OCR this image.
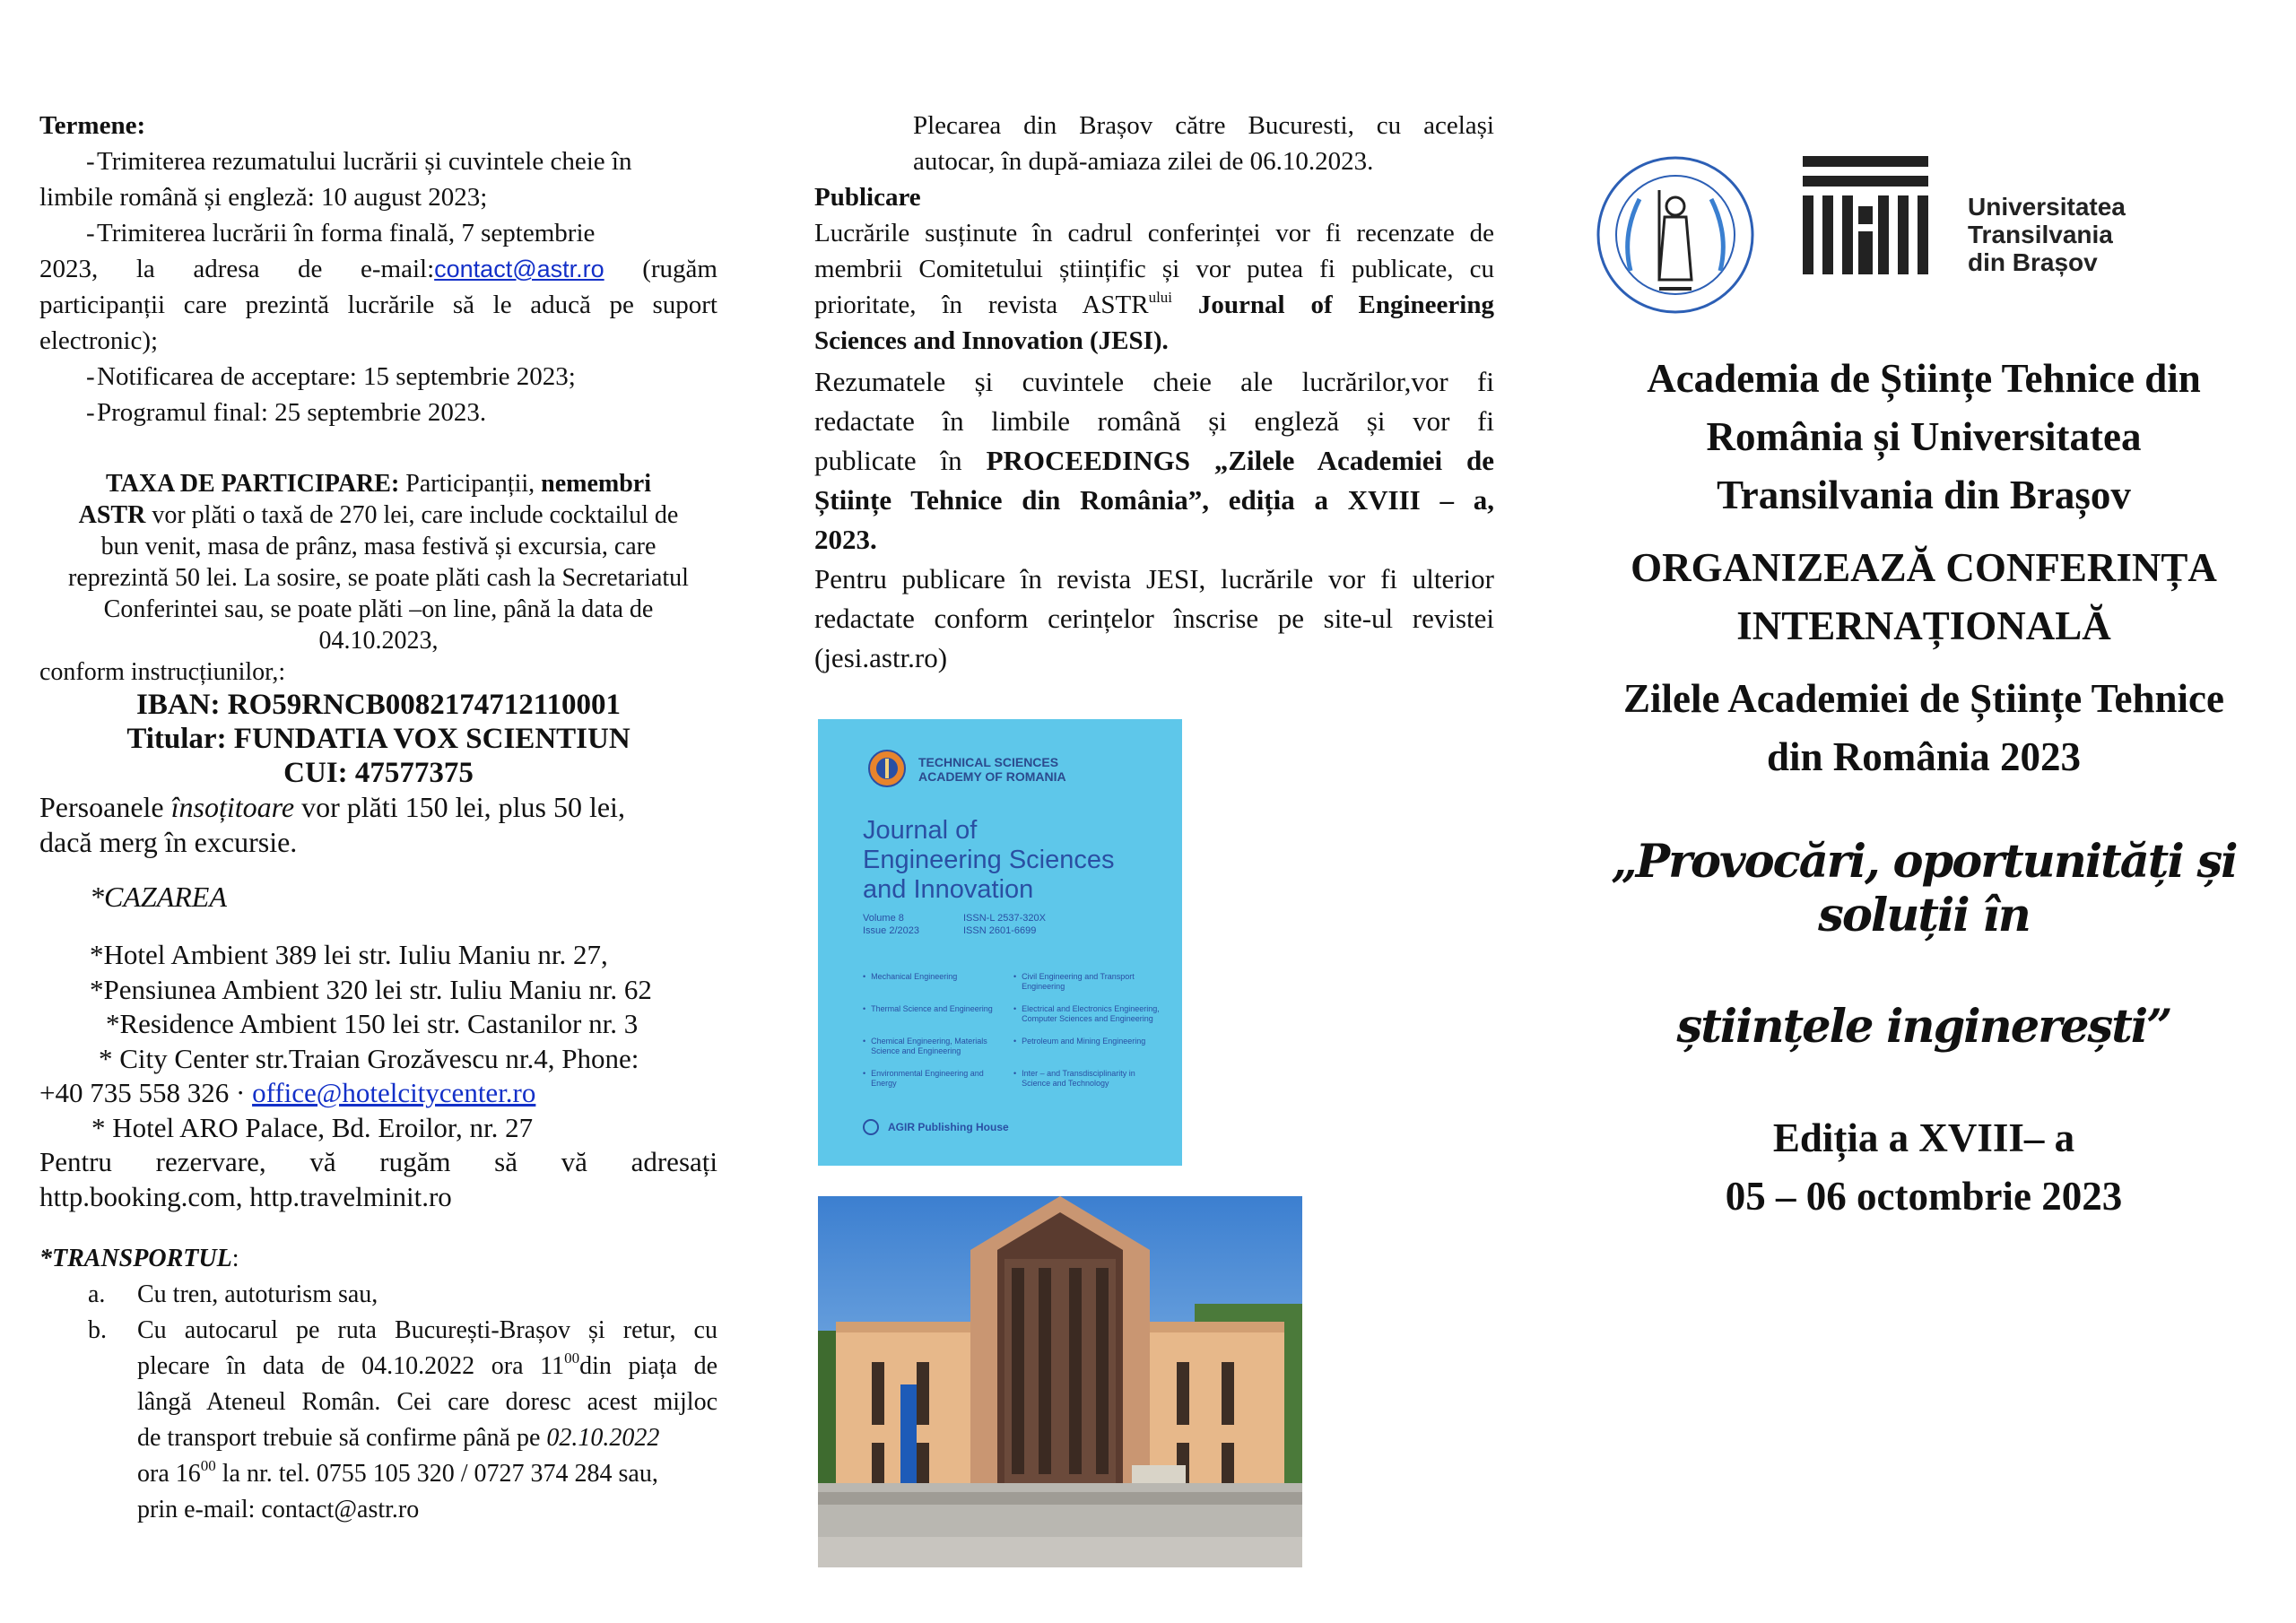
Termene:

- Trimiterea rezumatului lucrării și cuvintele cheie în

limbile română și engleză: 10 august 2023;

- Trimiterea lucrării în forma finală, 7 septembrie

2023, la adresa de e-mail:contact@astr.ro (rugăm

participanții care prezintă lucrările să le aducă pe suport

electronic);

- Notificarea de acceptare: 15 septembrie 2023;

- Programul final: 25 septembrie 2023.

TAXA DE PARTICIPARE: Participanții, nemembri

ASTR vor plăti o taxă de 270 lei, care include cocktailul de

bun venit, masa de prânz, masa festivă și excursia, care

reprezintă 50 lei. La sosire, se poate plăti cash la Secretariatul

Conferintei sau, se poate plăti –on line, până la data de

04.10.2023,

conform instrucțiunilor,:

IBAN: RO59RNCB0082174712110001

Titular: FUNDATIA VOX SCIENTIUN

CUI: 47577375

Persoanele însoțitoare vor plăti 150 lei, plus 50 lei,

dacă merg în excursie.

*CAZAREA

*Hotel Ambient 389 lei str. Iuliu Maniu nr. 27,

*Pensiunea Ambient 320 lei str. Iuliu Maniu nr. 62

*Residence Ambient 150 lei str. Castanilor nr. 3

* City Center str.Traian Grozăvescu nr.4, Phone:

+40 735 558 326 · office@hotelcitycenter.ro

* Hotel ARO Palace, Bd. Eroilor, nr. 27

Pentru rezervare, vă rugăm să vă adresați

http.booking.com, http.travelminit.ro

*TRANSPORTUL:

a.	Cu tren, autoturism sau,

b.	Cu autocarul pe ruta București-Brașov și retur, cu

plecare în data de 04.10.2022 ora $11^{00}din$ piața de

lângă Ateneul Român. Cei care doresc acest mijloc

de transport trebuie să confirme până pe 02.10.2022

ora $16^{00}$ la nr. tel. 0755 105 320 / 0727 374 284 sau,

prin e-mail: contact@astr.ro

Plecarea din Brașov către Bucuresti, cu același

autocar, în după-amiaza zilei de 06.10.2023.

Publicare

Lucrările susținute în cadrul conferinței vor fi recenzate de

membrii Comitetului științific și vor putea fi publicate, cu

prioritate, în revista $ASTR^{ului}$ Journal of Engineering

Sciences and Innovation (JESI).

Rezumatele și cuvintele cheie ale lucrărilor,vor fi

redactate în limbile română și engleză și vor fi

publicate în PROCEEDINGS „Zilele Academiei de

Științe Tehnice din România”, ediția a XVIII – a,

2023.

Pentru publicare în revista JESI, lucrările vor fi ulterior

redactate conform cerințelor înscrise pe site-ul revistei

(jesi.astr.ro)

TECHNICAL SCIENCES
ACADEMY OF ROMANIA
Journal of
Engineering Sciences
and Innovation
Volume 8
Issue 2/2023
ISSN-L 2537-320X
ISSN 2601-6699
• Mechanical Engineering	• Civil Engineering and Transport Engineering
• Thermal Science and Engineering	• Electrical and Electronics Engineering, Computer Sciences and Engineering
• Chemical Engineering, Materials Science and Engineering
• Petroleum and Mining Engineering
• Environmental Engineering and Energy
• Inter – and Transdisciplinarity in Science and Technology
AGIR Publishing House
Universitatea
Transilvania
din Brașov

Academia de Științe Tehnice din

România și Universitatea

Transilvania din Brașov

ORGANIZEAZĂ CONFERINȚA

INTERNAȚIONALĂ

Zilele Academiei de Științe Tehnice

din România 2023

„Provocări, oportunități și soluții în

științele inginerești”

Ediția a XVIII– a

05 – 06 octombrie 2023
